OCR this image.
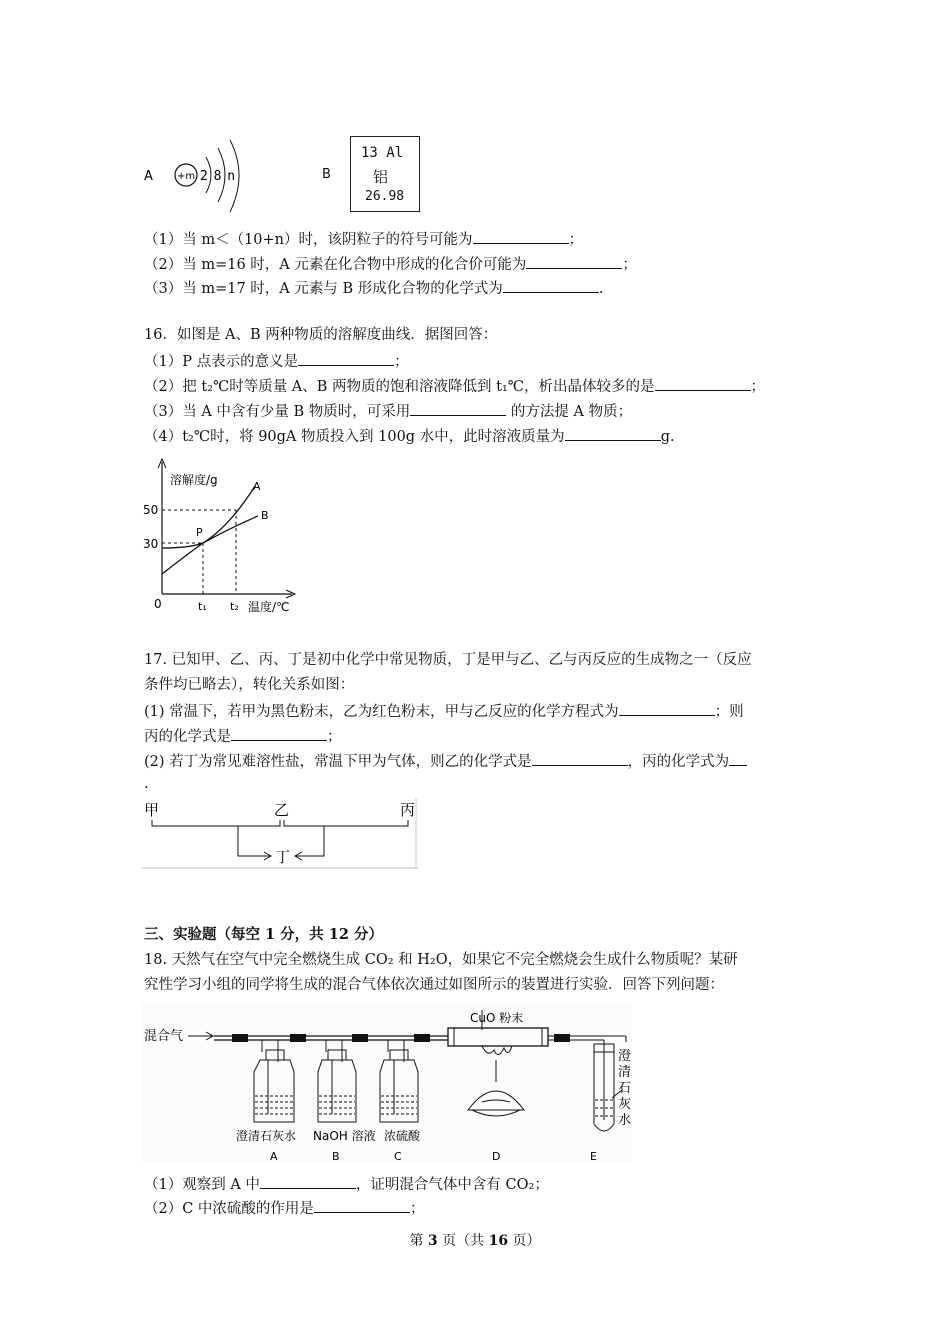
A +m 2 8 n	B
13 Al
铝
26.98
（1）当 m＜（10+n）时，该阴粒子的符号可能为	；
（2）当 m=16 时，A 元素在化合物中形成的化合价可能为	；
（3）当 m=17 时，A 元素与 B 形成化合物的化学式为	.
16．如图是 A、B 两种物质的溶解度曲线．据图回答：
（1）P 点表示的意义是	；
（2）把 t₂℃时等质量 A、B 两物质的饱和溶液降低到 t₁℃，析出晶体较多的是	；
（3）当 A 中含有少量 B 物质时，可采用	的方法提 A 物质；
（4）t₂℃时，将 90gA 物质投入到 100g 水中，此时溶液质量为	g.
溶解度/g
50
30
0
A
B
P
t₁ t₂ 温度/℃
17. 已知甲、乙、丙、丁是初中化学中常见物质，丁是甲与乙、乙与丙反应的生成物之一（反应
条件均已略去），转化关系如图：
(1) 常温下，若甲为黑色粉末，乙为红色粉末，甲与乙反应的化学方程式为	；则
丙的化学式是	；
(2) 若丁为常见难溶性盐，常温下甲为气体，则乙的化学式是	，丙的化学式为
.
甲	乙	丙
丁
三、实验题（每空 1 分，共 12 分）
18. 天然气在空气中完全燃烧生成 CO₂ 和 H₂O，如果它不完全燃烧会生成什么物质呢？某研
究性学习小组的同学将生成的混合气体依次通过如图所示的装置进行实验．回答下列问题：
混合气
CuO 粉末
澄
清
石
灰
水
澄清石灰水 NaOH 溶液 浓硫酸
A	B	C	D	E
（1）观察到 A 中	，证明混合气体中含有 CO₂；
（2）C 中浓硫酸的作用是	；
第 3 页（共 16 页）
